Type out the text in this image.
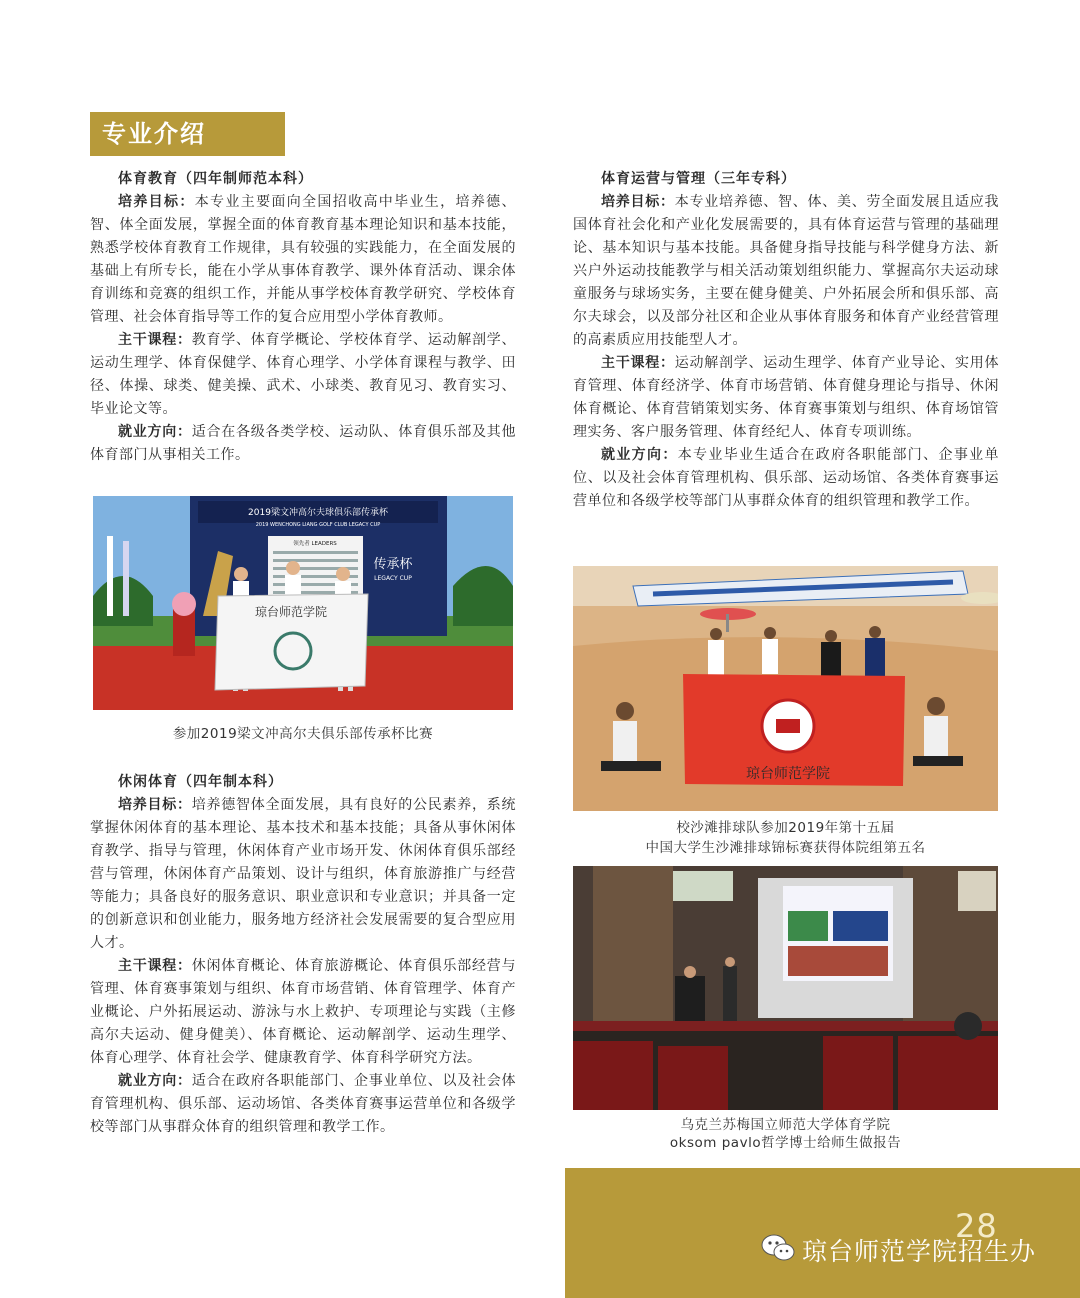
专业介绍

体育教育（四年制师范本科）

培养目标：本专业主要面向全国招收高中毕业生，培养德、智、体全面发展，掌握全面的体育教育基本理论知识和基本技能，熟悉学校体育教育工作规律，具有较强的实践能力，在全面发展的基础上有所专长，能在小学从事体育教学、课外体育活动、课余体育训练和竞赛的组织工作，并能从事学校体育教学研究、学校体育管理、社会体育指导等工作的复合应用型小学体育教师。

主干课程：教育学、体育学概论、学校体育学、运动解剖学、运动生理学、体育保健学、体育心理学、小学体育课程与教学、田径、体操、球类、健美操、武术、小球类、教育见习、教育实习、毕业论文等。

就业方向：适合在各级各类学校、运动队、体育俱乐部及其他体育部门从事相关工作。

2019梁文冲高尔夫球俱乐部传承杯
2019 WENCHONG LIANG GOLF CLUB LEGACY CUP
领先者 LEADERS
传承杯
LEGACY CUP
琼台师范学院
参加2019梁文冲高尔夫俱乐部传承杯比赛

休闲体育（四年制本科）

培养目标：培养德智体全面发展，具有良好的公民素养，系统掌握休闲体育的基本理论、基本技术和基本技能；具备从事休闲体育教学、指导与管理，休闲体育产业市场开发、休闲体育俱乐部经营与管理，休闲体育产品策划、设计与组织，体育旅游推广与经营等能力；具备良好的服务意识、职业意识和专业意识；并具备一定的创新意识和创业能力，服务地方经济社会发展需要的复合型应用人才。

主干课程：休闲体育概论、体育旅游概论、体育俱乐部经营与管理、体育赛事策划与组织、体育市场营销、体育管理学、体育产业概论、户外拓展运动、游泳与水上救护、专项理论与实践（主修高尔夫运动、健身健美）、体育概论、运动解剖学、运动生理学、体育心理学、体育社会学、健康教育学、体育科学研究方法。

就业方向：适合在政府各职能部门、企事业单位、以及社会体育管理机构、俱乐部、运动场馆、各类体育赛事运营单位和各级学校等部门从事群众体育的组织管理和教学工作。

体育运营与管理（三年专科）

培养目标：本专业培养德、智、体、美、劳全面发展且适应我国体育社会化和产业化发展需要的，具有体育运营与管理的基础理论、基本知识与基本技能。具备健身指导技能与科学健身方法、新兴户外运动技能教学与相关活动策划组织能力、掌握高尔夫运动球童服务与球场实务，主要在健身健美、户外拓展会所和俱乐部、高尔夫球会，以及部分社区和企业从事体育服务和体育产业经营管理的高素质应用技能型人才。

主干课程：运动解剖学、运动生理学、体育产业导论、实用体育管理、体育经济学、体育市场营销、体育健身理论与指导、休闲体育概论、体育营销策划实务、体育赛事策划与组织、体育场馆管理实务、客户服务管理、体育经纪人、体育专项训练。

就业方向：本专业毕业生适合在政府各职能部门、企事业单位、以及社会体育管理机构、俱乐部、运动场馆、各类体育赛事运营单位和各级学校等部门从事群众体育的组织管理和教学工作。

琼台师范学院
校沙滩排球队参加2019年第十五届
中国大学生沙滩排球锦标赛获得体院组第五名
乌克兰苏梅国立师范大学体育学院
oksom pavlo哲学博士给师生做报告
28
琼台师范学院招生办
